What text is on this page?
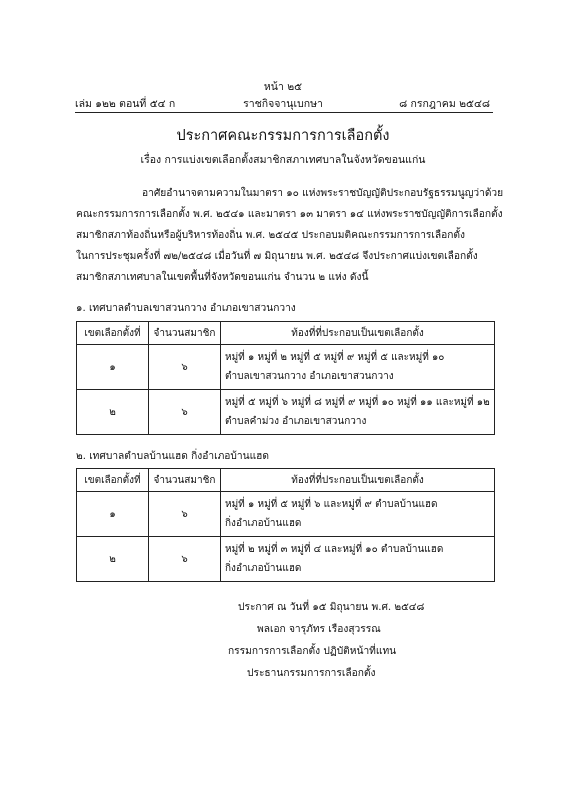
หน้า ๒๕
เล่ม ๑๒๒ ตอนที่ ๕๔ ก	ราชกิจจานุเบกษา	๘ กรกฎาคม ๒๕๔๘
ประกาศคณะกรรมการการเลือกตั้ง
เรื่อง การแบ่งเขตเลือกตั้งสมาชิกสภาเทศบาลในจังหวัดขอนแก่น

อาศัยอำนาจตามความในมาตรา ๑๐ แห่งพระราชบัญญัติประกอบรัฐธรรมนูญว่าด้วย

คณะกรรมการการเลือกตั้ง พ.ศ. ๒๕๔๑ และมาตรา ๑๓ มาตรา ๑๔ แห่งพระราชบัญญัติการเลือกตั้ง

สมาชิกสภาท้องถิ่นหรือผู้บริหารท้องถิ่น พ.ศ. ๒๕๔๕ ประกอบมติคณะกรรมการการเลือกตั้ง

ในการประชุมครั้งที่ ๗๒/๒๕๔๘ เมื่อวันที่ ๗ มิถุนายน พ.ศ. ๒๕๔๘ จึงประกาศแบ่งเขตเลือกตั้ง

สมาชิกสภาเทศบาลในเขตพื้นที่จังหวัดขอนแก่น จำนวน ๒ แห่ง ดังนี้

๑. เทศบาลตำบลเขาสวนกวาง อำเภอเขาสวนกวาง
เขตเลือกตั้งที่	จำนวนสมาชิก	ท้องที่ที่ประกอบเป็นเขตเลือกตั้ง
๑	๖	หมู่ที่ ๑ หมู่ที่ ๒ หมู่ที่ ๕ หมู่ที่ ๙ หมู่ที่ ๕ และหมู่ที่ ๑๐
ตำบลเขาสวนกวาง อำเภอเขาสวนกวาง

๒	๖	หมู่ที่ ๕ หมู่ที่ ๖ หมู่ที่ ๘ หมู่ที่ ๙ หมู่ที่ ๑๐ หมู่ที่ ๑๑ และหมู่ที่ ๑๒
ตำบลคำม่วง อำเภอเขาสวนกวาง
๒. เทศบาลตำบลบ้านแฮด กิ่งอำเภอบ้านแฮด
เขตเลือกตั้งที่	จำนวนสมาชิก	ท้องที่ที่ประกอบเป็นเขตเลือกตั้ง
๑	๖	หมู่ที่ ๑ หมู่ที่ ๕ หมู่ที่ ๖ และหมู่ที่ ๙ ตำบลบ้านแฮด
กิ่งอำเภอบ้านแฮด

๒	๖	หมู่ที่ ๒ หมู่ที่ ๓ หมู่ที่ ๔ และหมู่ที่ ๑๐ ตำบลบ้านแฮด
กิ่งอำเภอบ้านแฮด
ประกาศ ณ วันที่ ๑๕ มิถุนายน พ.ศ. ๒๕๔๘
พลเอก จารุภัทร เรืองสุวรรณ
กรรมการการเลือกตั้ง ปฏิบัติหน้าที่แทน
ประธานกรรมการการเลือกตั้ง
